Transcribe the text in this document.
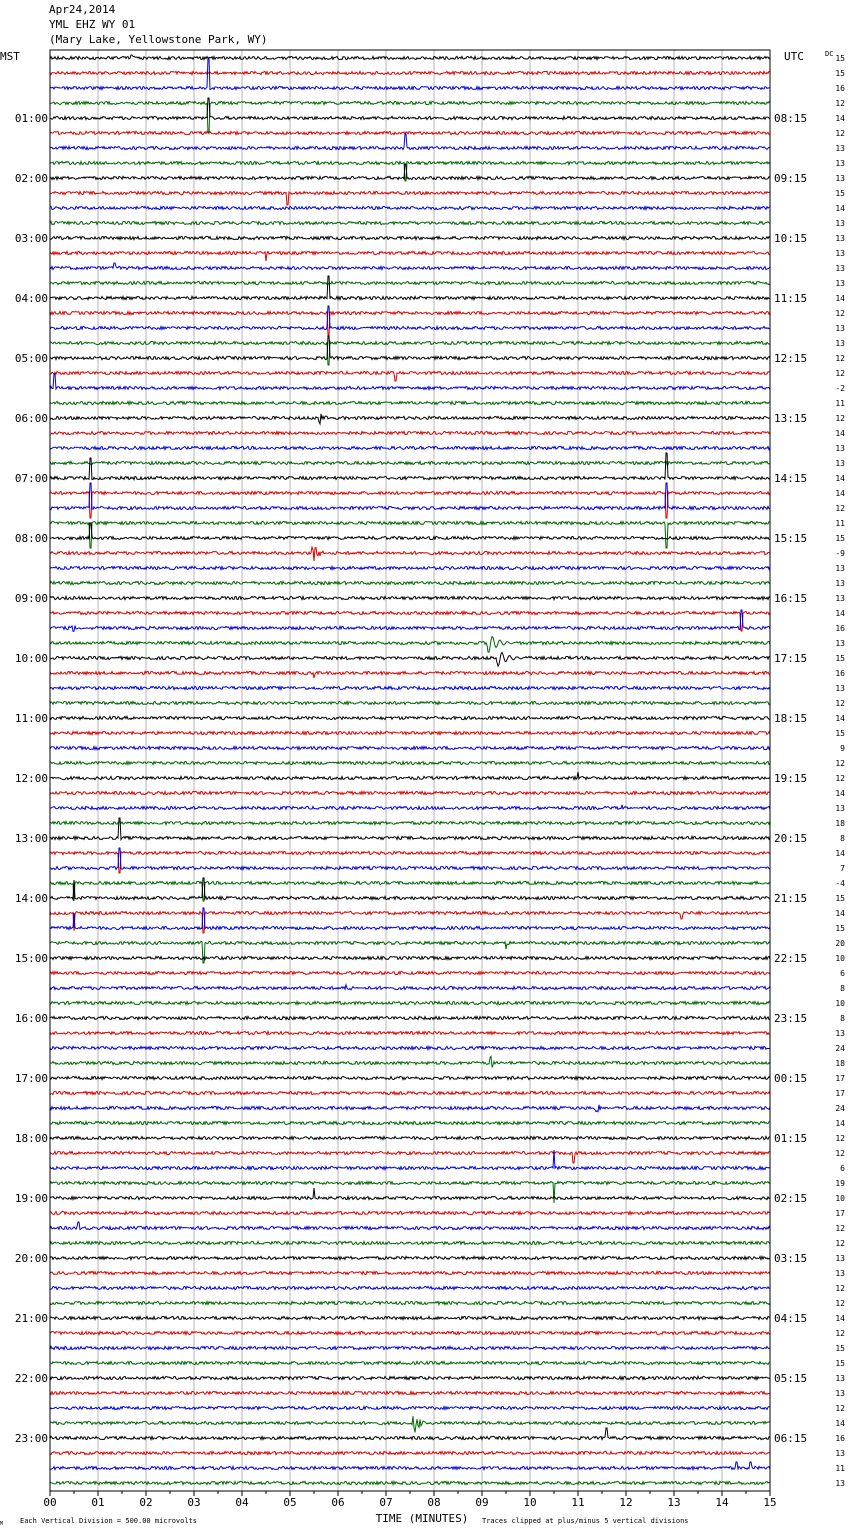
Apr24,2014
YML EHZ WY 01
(Mary Lake, Yellowstone Park, WY)
MST	UTC	DC
01:00
02:00
03:00
04:00
05:00
06:00
07:00
08:00
09:00
10:00
11:00
12:00
13:00
14:00
15:00
16:00
17:00
18:00
19:00
20:00
21:00
22:00
23:00
08:15
09:15
10:15
11:15
12:15
13:15
14:15
15:15
16:15
17:15
18:15
19:15
20:15
21:15
22:15
23:15
00:15
01:15
02:15
03:15
04:15
05:15
06:15
15
15
16
12
14
12
13
13
13
15
14
13
13
13
13
13
14
12
13
13
12
12
-2
11
12
14
13
13
14
14
12
11
15
-9
13
13
13
14
16
13
15
16
13
12
14
15
9
12
12
14
13
18
8
14
7
-4
15
14
15
20
10
6
8
10
8
13
24
18
17
17
24
14
12
12
6
19
10
17
12
12
13
13
12
12
14
12
15
15
13
13
12
14
16
13
11
13
00	01	02	03	04	05	06	07	08	09	10	11	12	13	14	15
M Each Vertical Division = 500.00 microvolts	TIME (MINUTES) Traces clipped at plus/minus 5 vertical divisions
